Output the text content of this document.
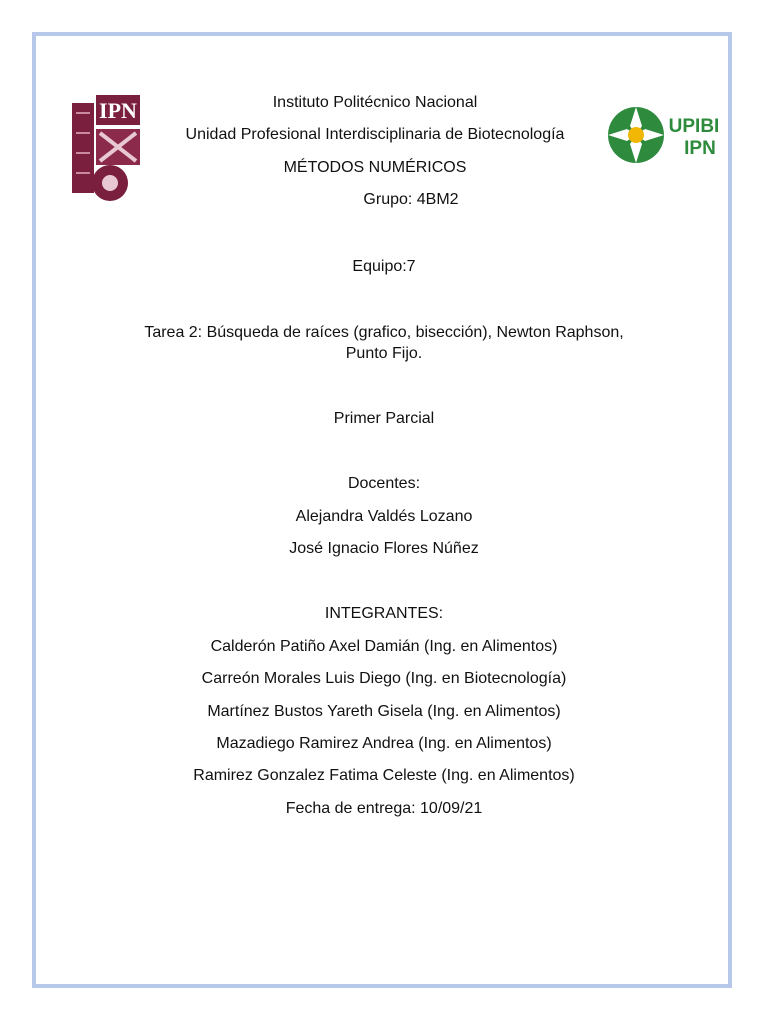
IPN
UPIBI
IPN
Instituto Politécnico Nacional
Unidad Profesional Interdisciplinaria de Biotecnología
MÉTODOS NUMÉRICOS
Grupo: 4BM2
Equipo:7
Tarea 2: Búsqueda de raíces (grafico, bisección), Newton Raphson,
Punto Fijo.
Primer Parcial
Docentes:
Alejandra Valdés Lozano
José Ignacio Flores Núñez
INTEGRANTES:
Calderón Patiño Axel Damián (Ing. en Alimentos)
Carreón Morales Luis Diego (Ing. en Biotecnología)
Martínez Bustos Yareth Gisela (Ing. en Alimentos)
Mazadiego Ramirez Andrea (Ing. en Alimentos)
Ramirez Gonzalez Fatima Celeste (Ing. en Alimentos)
Fecha de entrega: 10/09/21
